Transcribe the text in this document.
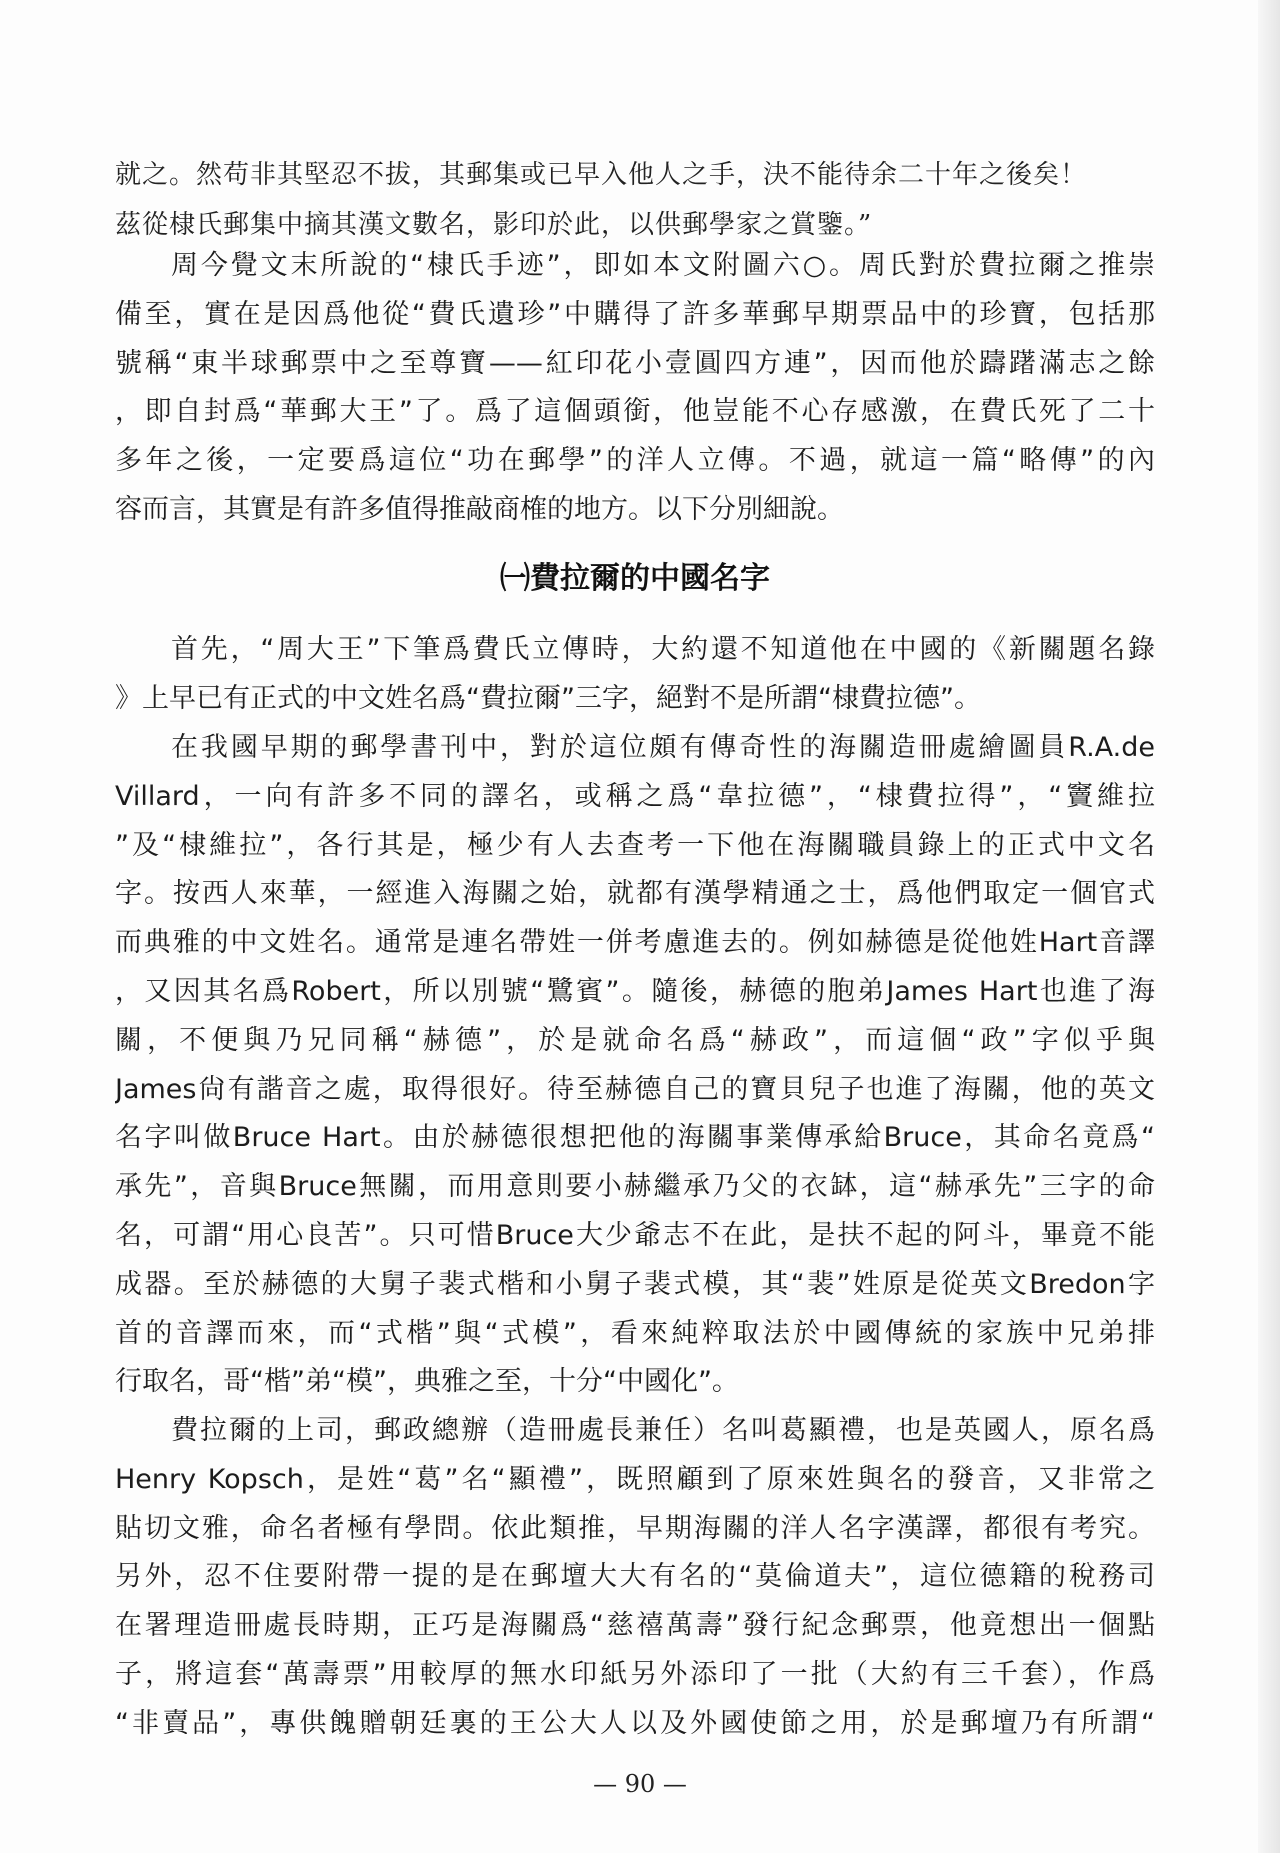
就之。然苟非其堅忍不拔，其郵集或已早入他人之手，決不能待余二十年之後矣！
茲從棣氏郵集中摘其漢文數名，影印於此，以供郵學家之賞鑒。”
周今覺文末所說的“棣氏手迹”，即如本文附圖六○。周氏對於費拉爾之推崇
備至，實在是因爲他從“費氏遺珍”中購得了許多華郵早期票品中的珍寶，包括那
號稱“東半球郵票中之至尊寶——紅印花小壹圓四方連”，因而他於躊躇滿志之餘
，即自封爲“華郵大王”了。爲了這個頭銜，他豈能不心存感激，在費氏死了二十
多年之後，一定要爲這位“功在郵學”的洋人立傳。不過，就這一篇“略傳”的內
容而言，其實是有許多值得推敲商榷的地方。以下分別細說。
㈠費拉爾的中國名字
首先，“周大王”下筆爲費氏立傳時，大約還不知道他在中國的《新關題名錄
》上早已有正式的中文姓名爲“費拉爾”三字，絕對不是所謂“棣費拉德”。
在我國早期的郵學書刊中，對於這位頗有傳奇性的海關造冊處繪圖員R.A.de
Villard，一向有許多不同的譯名，或稱之爲“韋拉德”，“棣費拉得”，“竇維拉
”及“棣維拉”，各行其是，極少有人去查考一下他在海關職員錄上的正式中文名
字。按西人來華，一經進入海關之始，就都有漢學精通之士，爲他們取定一個官式
而典雅的中文姓名。通常是連名帶姓一併考慮進去的。例如赫德是從他姓Hart音譯
，又因其名爲Robert，所以別號“鷺賓”。隨後，赫德的胞弟James Hart也進了海
關，不便與乃兄同稱“赫德”，於是就命名爲“赫政”，而這個“政”字似乎與
James尙有諧音之處，取得很好。待至赫德自己的寶貝兒子也進了海關，他的英文
名字叫做Bruce Hart。由於赫德很想把他的海關事業傳承給Bruce，其命名竟爲“
承先”，音與Bruce無關，而用意則要小赫繼承乃父的衣缽，這“赫承先”三字的命
名，可謂“用心良苦”。只可惜Bruce大少爺志不在此，是扶不起的阿斗，畢竟不能
成器。至於赫德的大舅子裴式楷和小舅子裴式模，其“裴”姓原是從英文Bredon字
首的音譯而來，而“式楷”與“式模”，看來純粹取法於中國傳統的家族中兄弟排
行取名，哥“楷”弟“模”，典雅之至，十分“中國化”。
費拉爾的上司，郵政總辦（造冊處長兼任）名叫葛顯禮，也是英國人，原名爲
Henry Kopsch，是姓“葛”名“顯禮”，既照顧到了原來姓與名的發音，又非常之
貼切文雅，命名者極有學問。依此類推，早期海關的洋人名字漢譯，都很有考究。
另外，忍不住要附帶一提的是在郵壇大大有名的“莫倫道夫”，這位德籍的稅務司
在署理造冊處長時期，正巧是海關爲“慈禧萬壽”發行紀念郵票，他竟想出一個點
子，將這套“萬壽票”用較厚的無水印紙另外添印了一批（大約有三千套），作爲
“非賣品”，專供餽贈朝廷裏的王公大人以及外國使節之用，於是郵壇乃有所謂“
— 90 —
